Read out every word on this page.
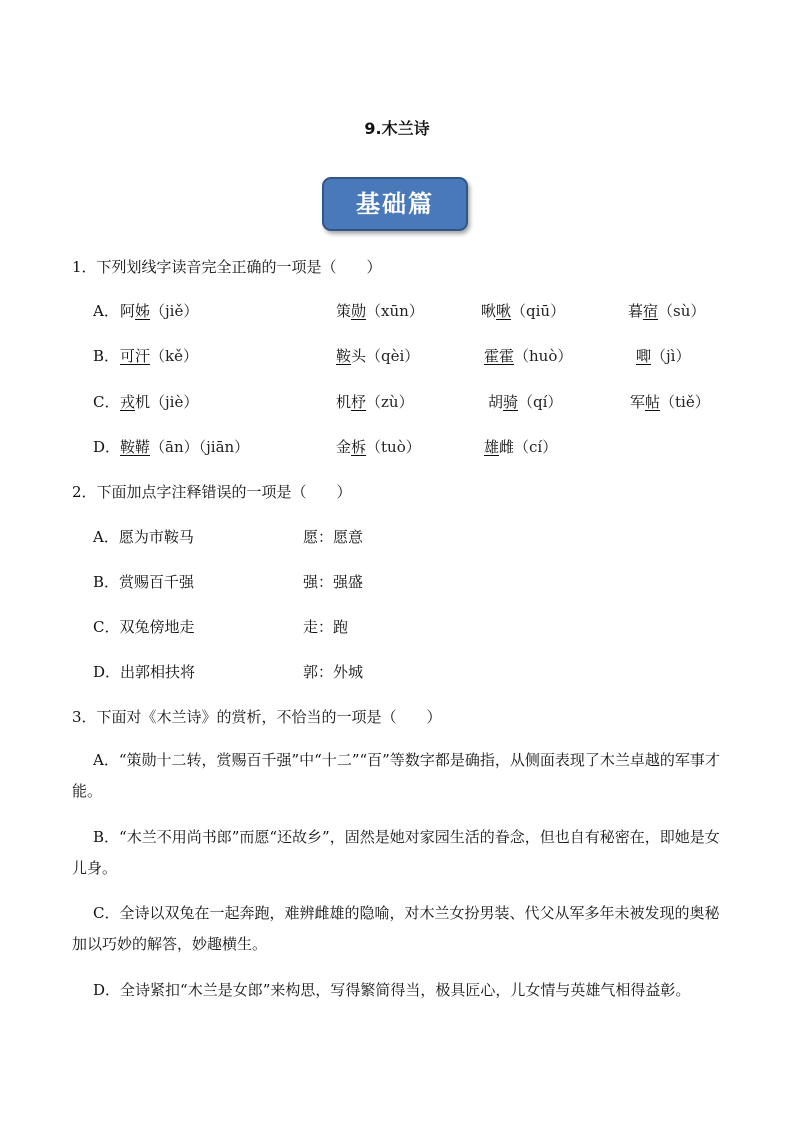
9.木兰诗
基础篇
1．下列划线字读音完全正确的一项是（　　）
A． 阿姊（jiě）	策勋（xūn）	啾啾（qiū）	暮宿（sù）
B． 可汗（kě）	鞍头（qèi）	霍霍（huò）	唧（jì）
C． 戎机（jiè）	机杼（zù）	胡骑（qí）	军帖（tiě）
D． 鞍鞯（ān）（jiān）	金柝（tuò）	雄雌（cí）
2．下面加点字注释错误的一项是（　　）
A．愿为市鞍马	愿：愿意
B．赏赐百千强	强：强盛
C．双兔傍地走	走：跑
D．出郭相扶将	郭：外城
3．下面对《木兰诗》的赏析，不恰当的一项是（　　）
A．“策勋十二转，赏赐百千强”中“十二”“百”等数字都是确指，从侧面表现了木兰卓越的军事才能。
B．“木兰不用尚书郎”而愿“还故乡”，固然是她对家园生活的眷念，但也自有秘密在，即她是女儿身。
C．全诗以双兔在一起奔跑，难辨雌雄的隐喻，对木兰女扮男装、代父从军多年未被发现的奥秘加以巧妙的解答，妙趣横生。
D．全诗紧扣“木兰是女郎”来构思，写得繁简得当，极具匠心，儿女情与英雄气相得益彰。
